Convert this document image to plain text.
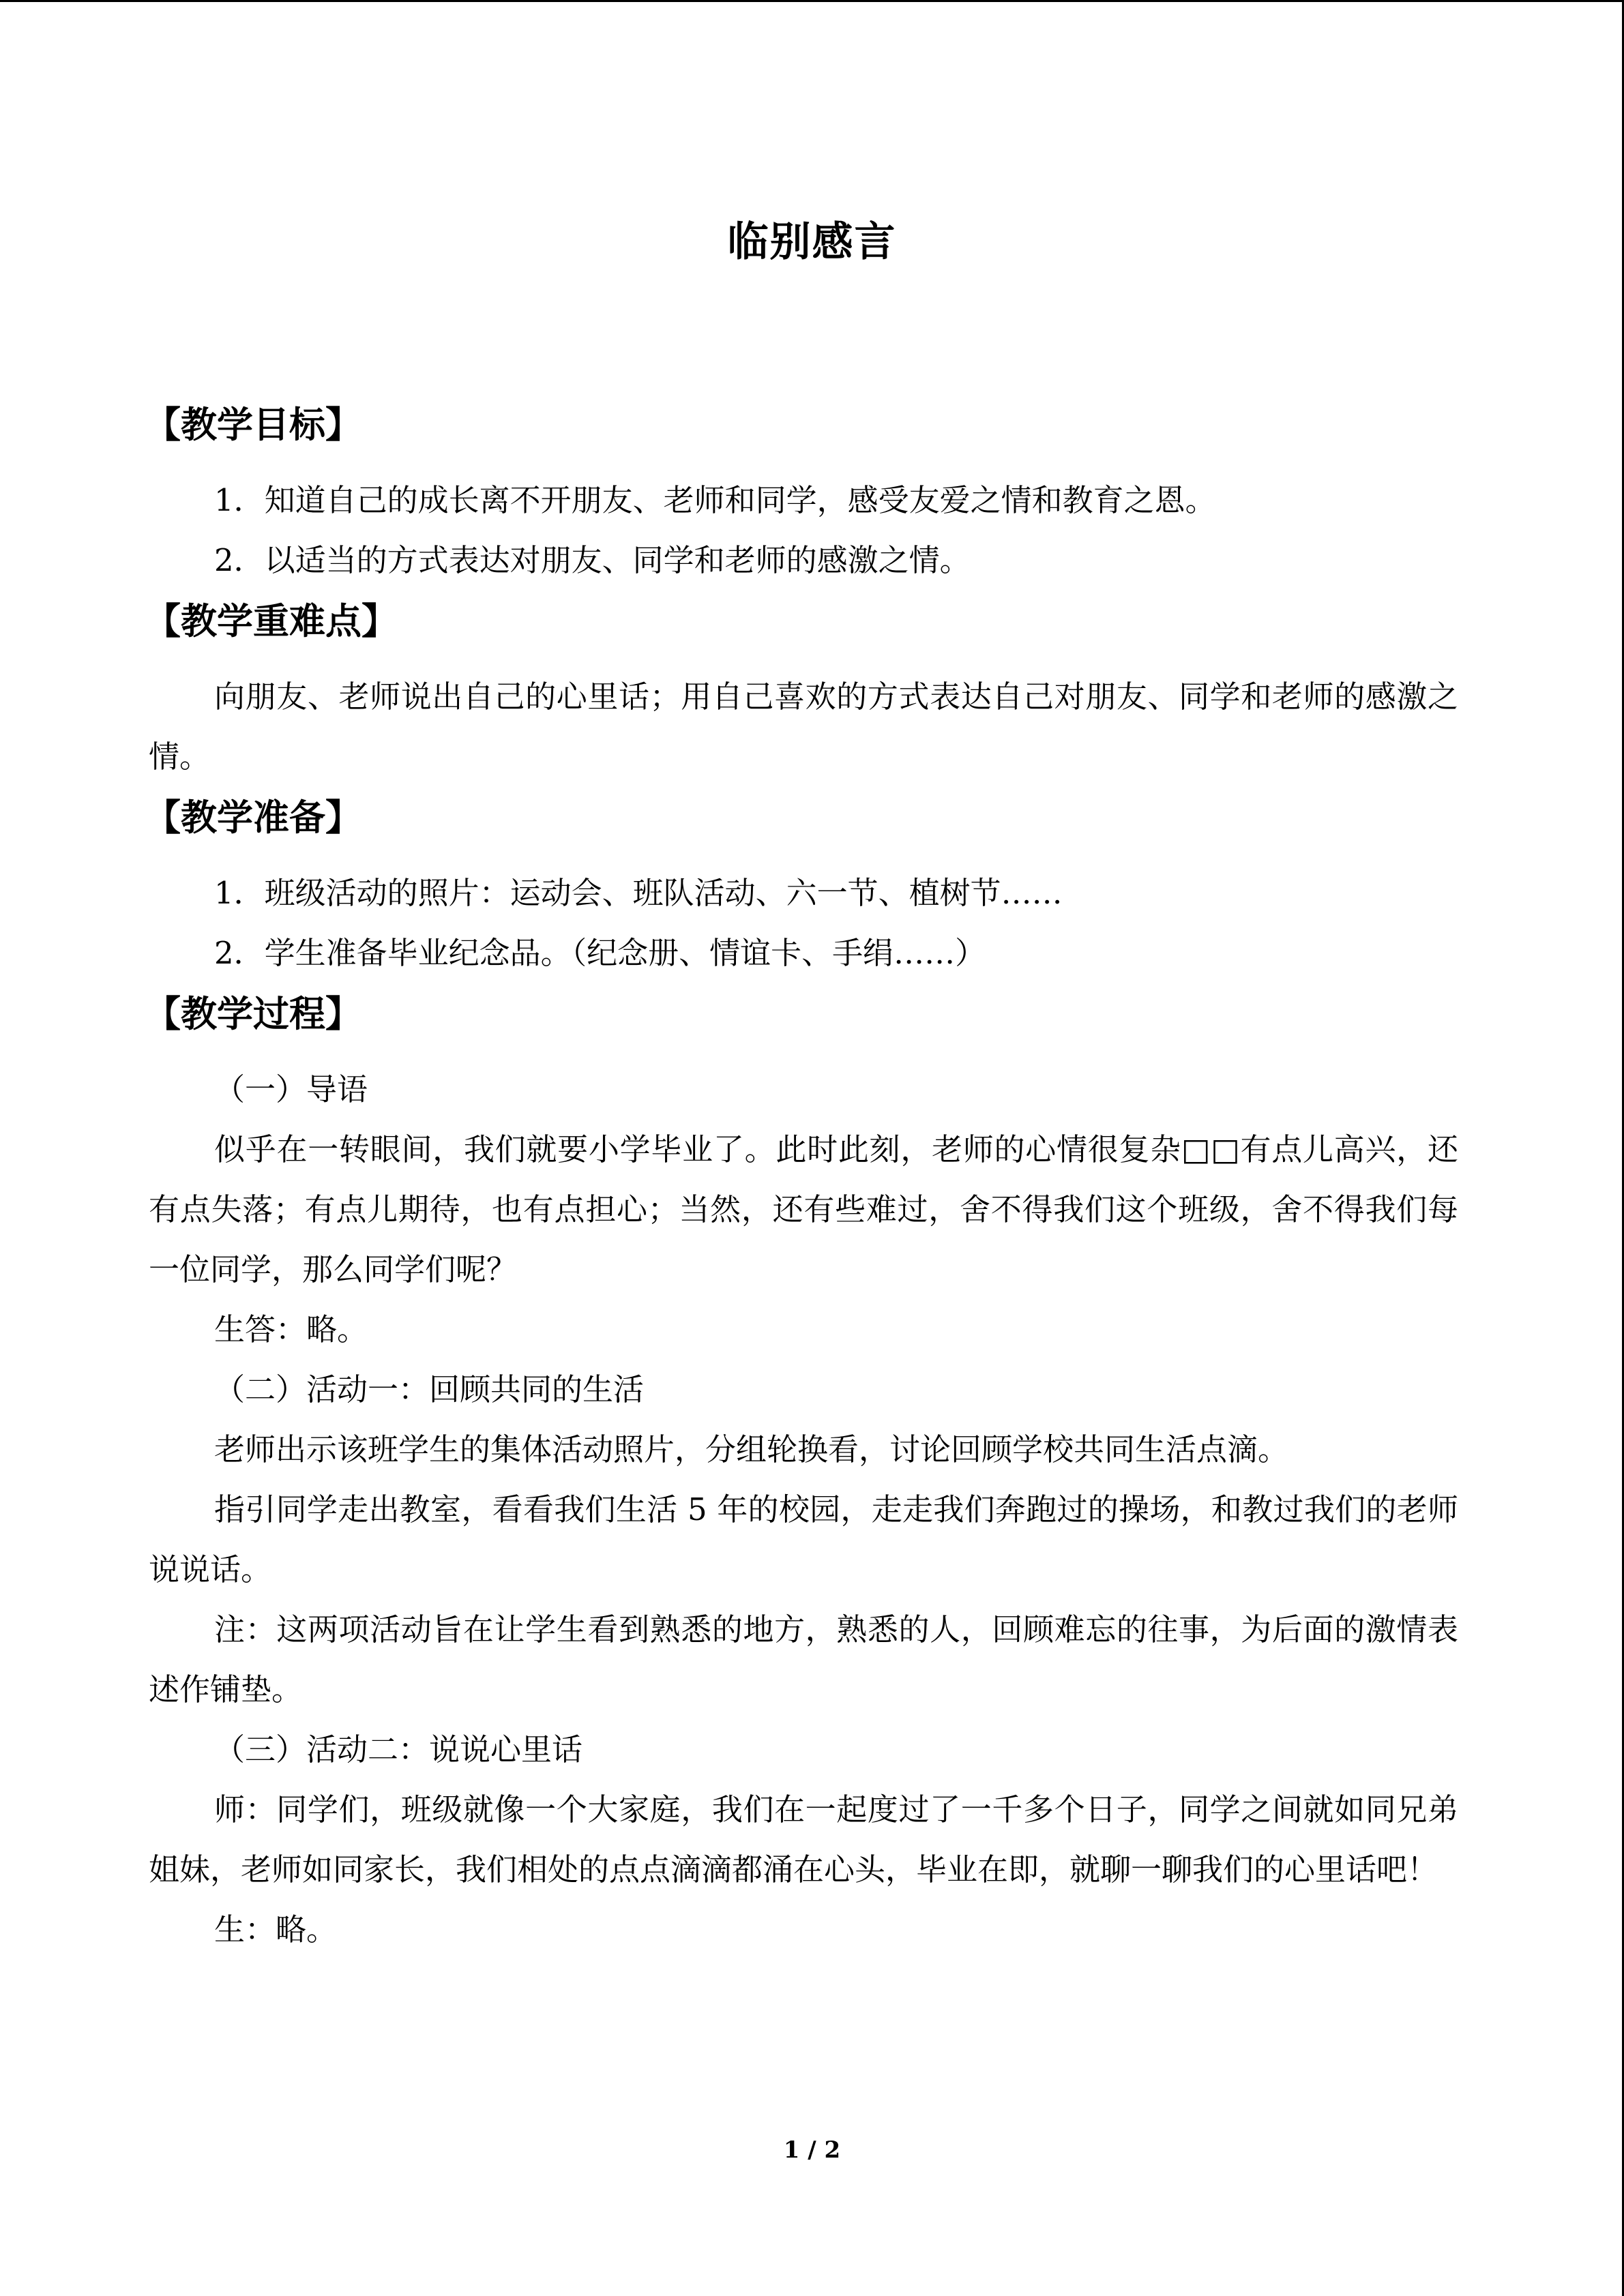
临别感言
【教学目标】

1．知道自己的成长离不开朋友、老师和同学，感受友爱之情和教育之恩。

2．以适当的方式表达对朋友、同学和老师的感激之情。

【教学重难点】

向朋友、老师说出自己的心里话；用自己喜欢的方式表达自己对朋友、同学和老师的感激之情。

【教学准备】

1．班级活动的照片：运动会、班队活动、六一节、植树节……

2．学生准备毕业纪念品。（纪念册、情谊卡、手绢……）

【教学过程】

（一）导语

似乎在一转眼间，我们就要小学毕业了。此时此刻，老师的心情很复杂□□有点儿高兴，还有点失落；有点儿期待，也有点担心；当然，还有些难过，舍不得我们这个班级，舍不得我们每一位同学，那么同学们呢？

生答：略。

（二）活动一：回顾共同的生活

老师出示该班学生的集体活动照片，分组轮换看，讨论回顾学校共同生活点滴。

指引同学走出教室，看看我们生活 5 年的校园，走走我们奔跑过的操场，和教过我们的老师说说话。

注：这两项活动旨在让学生看到熟悉的地方，熟悉的人，回顾难忘的往事，为后面的激情表述作铺垫。

（三）活动二：说说心里话

师：同学们，班级就像一个大家庭，我们在一起度过了一千多个日子，同学之间就如同兄弟姐妹，老师如同家长，我们相处的点点滴滴都涌在心头，毕业在即，就聊一聊我们的心里话吧！

生：略。

1 / 2
